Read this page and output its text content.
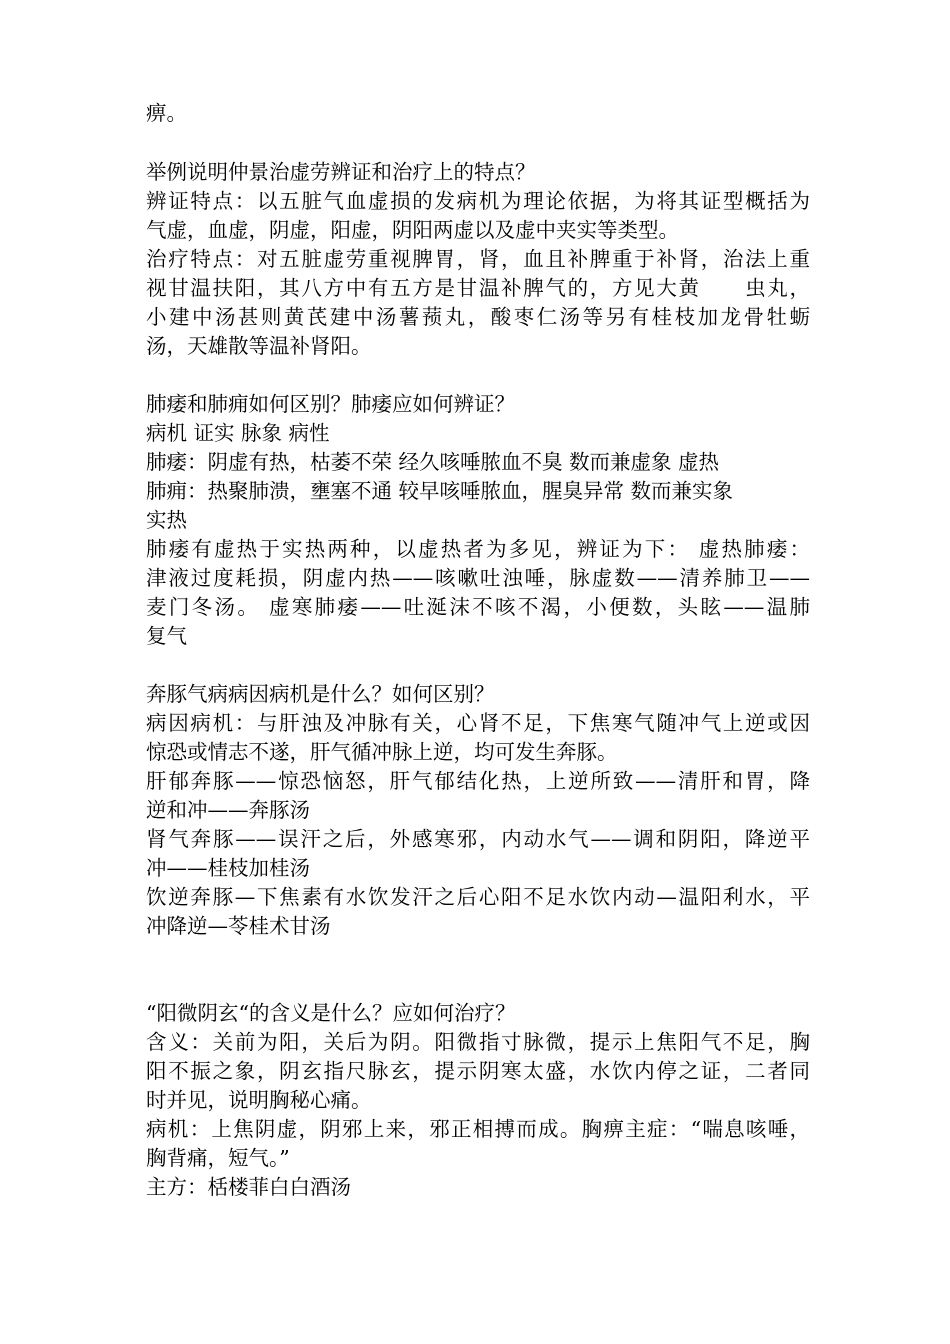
痹。
举例说明仲景治虚劳辨证和治疗上的特点？
辨证特点：以五脏气血虚损的发病机为理论依据，为将其证型概括为
气虚，血虚，阴虚，阳虚，阴阳两虚以及虚中夹实等类型。
治疗特点：对五脏虚劳重视脾胃，肾，血且补脾重于补肾，治法上重
视甘温扶阳，其八方中有五方是甘温补脾气的，方见大黄　　虫丸，
小建中汤甚则黄芪建中汤薯蓣丸，酸枣仁汤等另有桂枝加龙骨牡蛎
汤，天雄散等温补肾阳。
肺痿和肺痈如何区别？肺痿应如何辨证？
病机 证实 脉象 病性
肺痿：阴虚有热，枯萎不荣 经久咳唾脓血不臭 数而兼虚象 虚热
肺痈：热聚肺溃，壅塞不通 较早咳唾脓血，腥臭异常 数而兼实象
实热
肺痿有虚热于实热两种，以虚热者为多见，辨证为下： 虚热肺痿：
津液过度耗损，阴虚内热——咳嗽吐浊唾，脉虚数——清养肺卫——
麦门冬汤。 虚寒肺痿——吐涎沫不咳不渴，小便数，头眩——温肺
复气
奔豚气病病因病机是什么？如何区别？
病因病机：与肝浊及冲脉有关，心肾不足，下焦寒气随冲气上逆或因
惊恐或情志不遂，肝气循冲脉上逆，均可发生奔豚。
肝郁奔豚——惊恐恼怒，肝气郁结化热，上逆所致——清肝和胃，降
逆和冲——奔豚汤
肾气奔豚——误汗之后，外感寒邪，内动水气——调和阴阳，降逆平
冲——桂枝加桂汤
饮逆奔豚—下焦素有水饮发汗之后心阳不足水饮内动—温阳利水，平
冲降逆—苓桂术甘汤
“阳微阴玄“的含义是什么？应如何治疗？
含义：关前为阳，关后为阴。阳微指寸脉微，提示上焦阳气不足，胸
阳不振之象，阴玄指尺脉玄，提示阴寒太盛，水饮内停之证，二者同
时并见，说明胸秘心痛。
病机：上焦阴虚，阴邪上来，邪正相搏而成。胸痹主症：“喘息咳唾，
胸背痛，短气。”
主方：栝楼菲白白酒汤
